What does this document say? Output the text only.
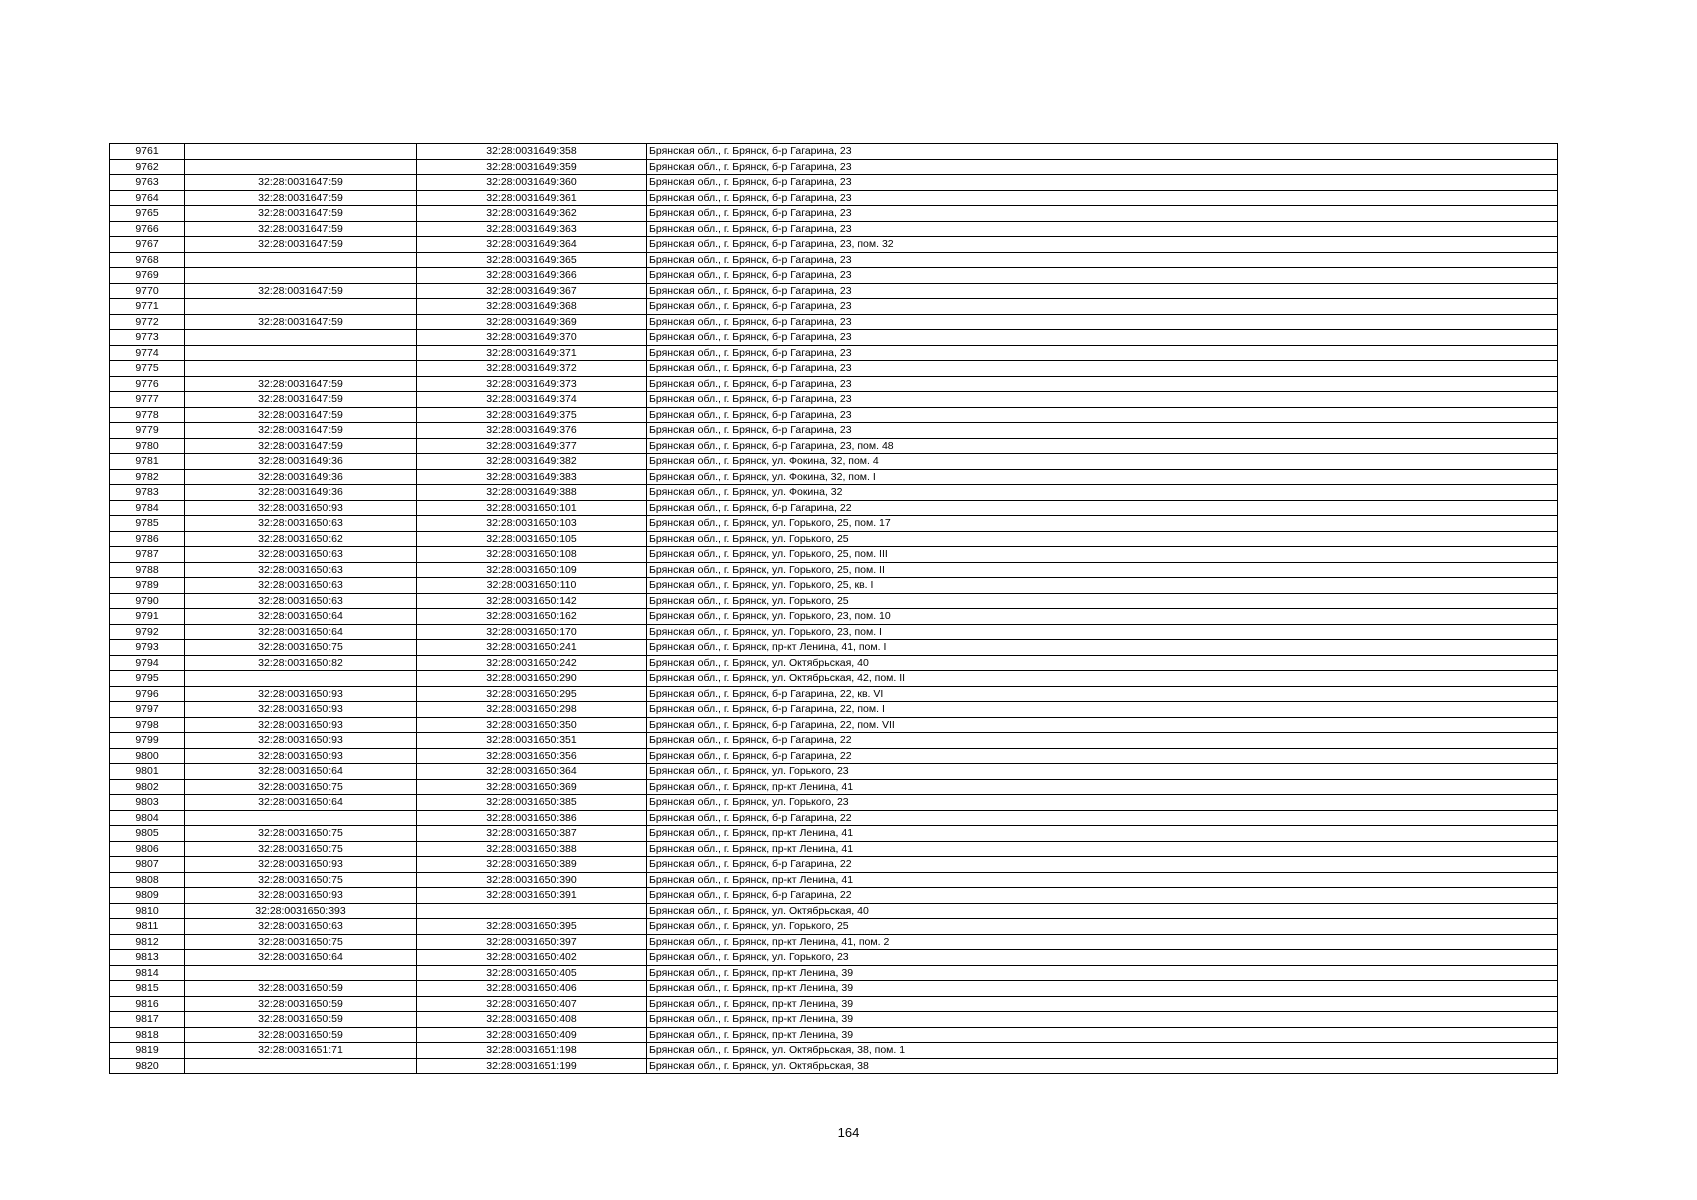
9761		32:28:0031649:358	Брянская обл., г. Брянск, б-р Гагарина, 23
9762		32:28:0031649:359	Брянская обл., г. Брянск, б-р Гагарина, 23
9763	32:28:0031647:59	32:28:0031649:360	Брянская обл., г. Брянск, б-р Гагарина, 23
9764	32:28:0031647:59	32:28:0031649:361	Брянская обл., г. Брянск, б-р Гагарина, 23
9765	32:28:0031647:59	32:28:0031649:362	Брянская обл., г. Брянск, б-р Гагарина, 23
9766	32:28:0031647:59	32:28:0031649:363	Брянская обл., г. Брянск, б-р Гагарина, 23
9767	32:28:0031647:59	32:28:0031649:364	Брянская обл., г. Брянск, б-р Гагарина, 23, пом. 32
9768		32:28:0031649:365	Брянская обл., г. Брянск, б-р Гагарина, 23
9769		32:28:0031649:366	Брянская обл., г. Брянск, б-р Гагарина, 23
9770	32:28:0031647:59	32:28:0031649:367	Брянская обл., г. Брянск, б-р Гагарина, 23
9771		32:28:0031649:368	Брянская обл., г. Брянск, б-р Гагарина, 23
9772	32:28:0031647:59	32:28:0031649:369	Брянская обл., г. Брянск, б-р Гагарина, 23
9773		32:28:0031649:370	Брянская обл., г. Брянск, б-р Гагарина, 23
9774		32:28:0031649:371	Брянская обл., г. Брянск, б-р Гагарина, 23
9775		32:28:0031649:372	Брянская обл., г. Брянск, б-р Гагарина, 23
9776	32:28:0031647:59	32:28:0031649:373	Брянская обл., г. Брянск, б-р Гагарина, 23
9777	32:28:0031647:59	32:28:0031649:374	Брянская обл., г. Брянск, б-р Гагарина, 23
9778	32:28:0031647:59	32:28:0031649:375	Брянская обл., г. Брянск, б-р Гагарина, 23
9779	32:28:0031647:59	32:28:0031649:376	Брянская обл., г. Брянск, б-р Гагарина, 23
9780	32:28:0031647:59	32:28:0031649:377	Брянская обл., г. Брянск, б-р Гагарина, 23, пом. 48
9781	32:28:0031649:36	32:28:0031649:382	Брянская обл., г. Брянск, ул. Фокина, 32, пом. 4
9782	32:28:0031649:36	32:28:0031649:383	Брянская обл., г. Брянск, ул. Фокина, 32, пом. I
9783	32:28:0031649:36	32:28:0031649:388	Брянская обл., г. Брянск, ул. Фокина, 32
9784	32:28:0031650:93	32:28:0031650:101	Брянская обл., г. Брянск, б-р Гагарина, 22
9785	32:28:0031650:63	32:28:0031650:103	Брянская обл., г. Брянск, ул. Горького, 25, пом. 17
9786	32:28:0031650:62	32:28:0031650:105	Брянская обл., г. Брянск, ул. Горького, 25
9787	32:28:0031650:63	32:28:0031650:108	Брянская обл., г. Брянск, ул. Горького, 25, пом. III
9788	32:28:0031650:63	32:28:0031650:109	Брянская обл., г. Брянск, ул. Горького, 25, пом. II
9789	32:28:0031650:63	32:28:0031650:110	Брянская обл., г. Брянск, ул. Горького, 25, кв. I
9790	32:28:0031650:63	32:28:0031650:142	Брянская обл., г. Брянск, ул. Горького, 25
9791	32:28:0031650:64	32:28:0031650:162	Брянская обл., г. Брянск, ул. Горького, 23, пом. 10
9792	32:28:0031650:64	32:28:0031650:170	Брянская обл., г. Брянск, ул. Горького, 23, пом. I
9793	32:28:0031650:75	32:28:0031650:241	Брянская обл., г. Брянск, пр-кт Ленина, 41, пом. I
9794	32:28:0031650:82	32:28:0031650:242	Брянская обл., г. Брянск, ул. Октябрьская, 40
9795		32:28:0031650:290	Брянская обл., г. Брянск, ул. Октябрьская, 42, пом. II
9796	32:28:0031650:93	32:28:0031650:295	Брянская обл., г. Брянск, б-р Гагарина, 22, кв. VI
9797	32:28:0031650:93	32:28:0031650:298	Брянская обл., г. Брянск, б-р Гагарина, 22, пом. I
9798	32:28:0031650:93	32:28:0031650:350	Брянская обл., г. Брянск, б-р Гагарина, 22, пом. VII
9799	32:28:0031650:93	32:28:0031650:351	Брянская обл., г. Брянск, б-р Гагарина, 22
9800	32:28:0031650:93	32:28:0031650:356	Брянская обл., г. Брянск, б-р Гагарина, 22
9801	32:28:0031650:64	32:28:0031650:364	Брянская обл., г. Брянск, ул. Горького, 23
9802	32:28:0031650:75	32:28:0031650:369	Брянская обл., г. Брянск, пр-кт Ленина, 41
9803	32:28:0031650:64	32:28:0031650:385	Брянская обл., г. Брянск, ул. Горького, 23
9804		32:28:0031650:386	Брянская обл., г. Брянск, б-р Гагарина, 22
9805	32:28:0031650:75	32:28:0031650:387	Брянская обл., г. Брянск, пр-кт Ленина, 41
9806	32:28:0031650:75	32:28:0031650:388	Брянская обл., г. Брянск, пр-кт Ленина, 41
9807	32:28:0031650:93	32:28:0031650:389	Брянская обл., г. Брянск, б-р Гагарина, 22
9808	32:28:0031650:75	32:28:0031650:390	Брянская обл., г. Брянск, пр-кт Ленина, 41
9809	32:28:0031650:93	32:28:0031650:391	Брянская обл., г. Брянск, б-р Гагарина, 22
9810	32:28:0031650:393		Брянская обл., г. Брянск, ул. Октябрьская, 40
9811	32:28:0031650:63	32:28:0031650:395	Брянская обл., г. Брянск, ул. Горького, 25
9812	32:28:0031650:75	32:28:0031650:397	Брянская обл., г. Брянск, пр-кт Ленина, 41, пом. 2
9813	32:28:0031650:64	32:28:0031650:402	Брянская обл., г. Брянск, ул. Горького, 23
9814		32:28:0031650:405	Брянская обл., г. Брянск, пр-кт Ленина, 39
9815	32:28:0031650:59	32:28:0031650:406	Брянская обл., г. Брянск, пр-кт Ленина, 39
9816	32:28:0031650:59	32:28:0031650:407	Брянская обл., г. Брянск, пр-кт Ленина, 39
9817	32:28:0031650:59	32:28:0031650:408	Брянская обл., г. Брянск, пр-кт Ленина, 39
9818	32:28:0031650:59	32:28:0031650:409	Брянская обл., г. Брянск, пр-кт Ленина, 39
9819	32:28:0031651:71	32:28:0031651:198	Брянская обл., г. Брянск, ул. Октябрьская, 38, пом. 1
9820		32:28:0031651:199	Брянская обл., г. Брянск, ул. Октябрьская, 38
164
